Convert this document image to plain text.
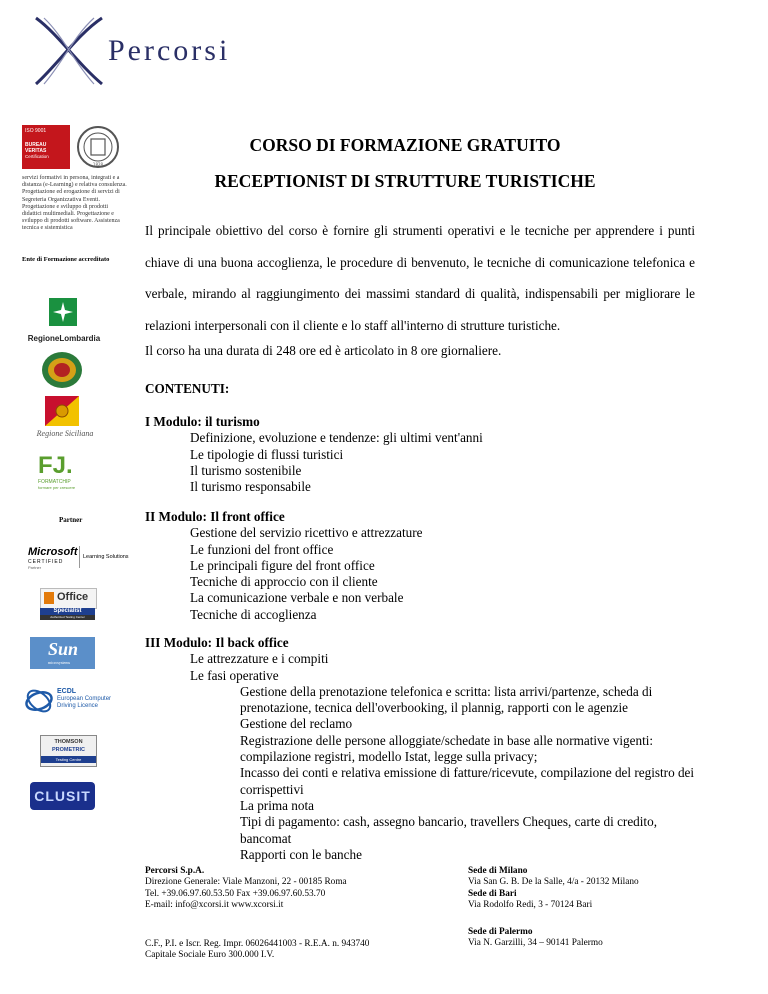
Percorsi
ISO 9001
BUREAU VERITAS
Certification
1828
servizi formativi in persona, integrati e a distanza (e-Learning) e relativa consulenza. Progettazione ed erogazione di servizi di Segreteria Organizzativa Eventi. Progettazione e sviluppo di prodotti didattici multimediali. Progettazione e sviluppo di prodotti software. Assistenza tecnica e sistemistica
Ente di Formazione accreditato
RegioneLombardia
Regione Siciliana
FJ.
FORMATCHIP
formare per crescere
Partner
Microsoft
CERTIFIED
Partner
Learning Solutions
Office
Specialist
Authorized Testing Center
Sun
microsystems
ECDL
European Computer
Driving Licence
THOMSON
PROMETRIC
Testing Centre
CLUSIT
CORSO DI FORMAZIONE GRATUITO
RECEPTIONIST DI STRUTTURE TURISTICHE
Il principale obiettivo del corso è fornire gli strumenti operativi e le tecniche per apprendere i punti chiave di una buona accoglienza, le procedure di benvenuto, le tecniche di comunicazione telefonica e verbale, mirando al raggiungimento dei massimi standard di qualità, indispensabili per migliorare le relazioni interpersonali con il cliente e lo staff all'interno di strutture turistiche.
Il corso ha una durata di 248 ore ed è articolato in 8 ore giornaliere.
CONTENUTI:
I Modulo: il turismo
Definizione, evoluzione e tendenze: gli ultimi vent'anni
Le tipologie di flussi turistici
Il turismo sostenibile
Il turismo responsabile
II Modulo: Il front office
Gestione del servizio ricettivo e attrezzature
Le funzioni del front office
Le principali figure del front office
Tecniche di approccio con il cliente
La comunicazione verbale e non verbale
Tecniche di accoglienza
III Modulo: Il back office
Le attrezzature e i compiti
Le fasi operative
Gestione della prenotazione telefonica e scritta: lista arrivi/partenze, scheda di prenotazione, tecnica dell'overbooking, il plannig, rapporti con le agenzie
Gestione del reclamo
Registrazione delle persone alloggiate/schedate in base alle normative vigenti: compilazione registri, modello Istat, legge sulla privacy;
Incasso dei conti e relativa emissione di fatture/ricevute, compilazione del registro dei corrispettivi
La prima nota
Tipi di pagamento: cash, assegno bancario, travellers Cheques, carte di credito, bancomat
Rapporti con le banche
Percorsi S.p.A.
Direzione Generale: Viale Manzoni, 22 - 00185 Roma
Tel. +39.06.97.60.53.50 Fax +39.06.97.60.53.70
E-mail: info@xcorsi.it www.xcorsi.it
C.F., P.I. e Iscr. Reg. Impr. 06026441003 - R.E.A. n. 943740
Capitale Sociale Euro 300.000 I.V.
Sede di Milano
Via San G. B. De la Salle, 4/a - 20132 Milano
Sede di Bari
Via Rodolfo Redi, 3 - 70124 Bari
Sede di Palermo
Via N. Garzilli, 34 – 90141 Palermo
